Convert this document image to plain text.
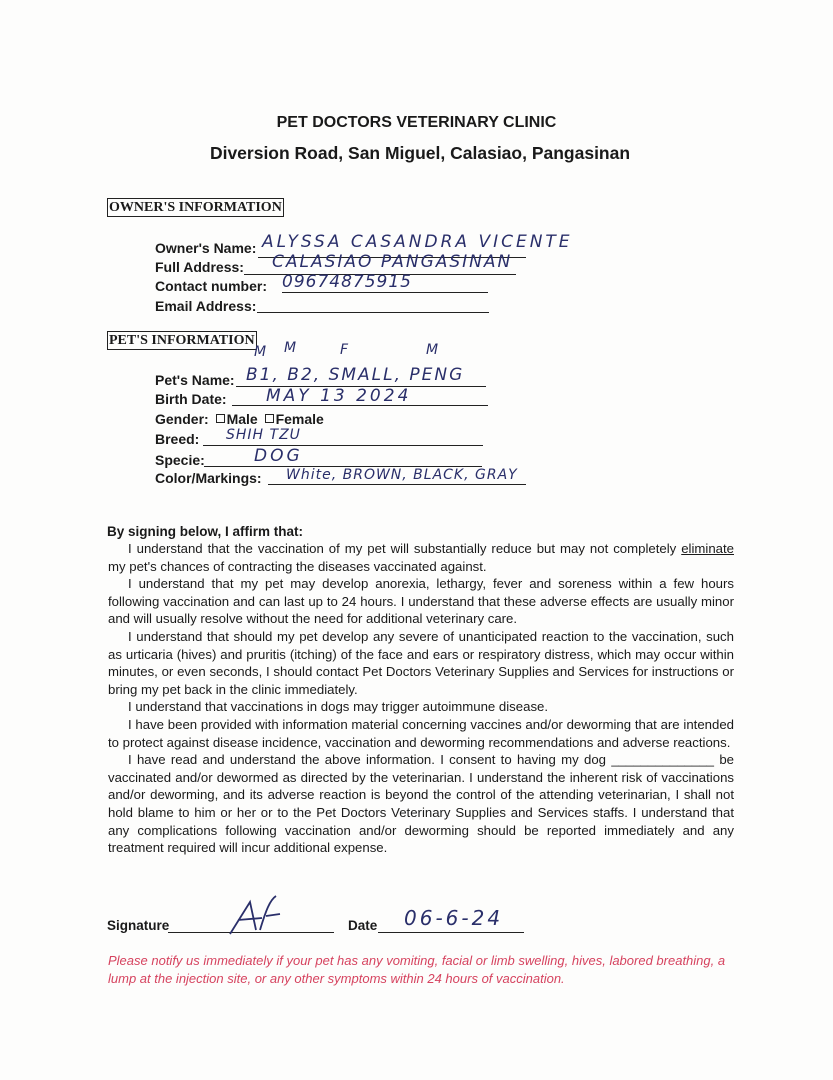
PET DOCTORS VETERINARY CLINIC
Diversion Road, San Miguel, Calasiao, Pangasinan
OWNER'S INFORMATION
Owner's Name: ALYSSA CASANDRA VICENTE
Full Address: CALASIAO PANGASINAN
Contact number: 09674875915
Email Address:
PET'S INFORMATION
M M	F	M
Pet's Name: B1, B2, SMALL, PENG
Birth Date: MAY 13 2024
Gender: Male Female
Breed: SHIH TZU
Specie:	DOG
Color/Markings: White, BROWN, BLACK, GRAY
By signing below, I affirm that:

I understand that the vaccination of my pet will substantially reduce but may not completely eliminate my pet's chances of contracting the diseases vaccinated against.

I understand that my pet may develop anorexia, lethargy, fever and soreness within a few hours following vaccination and can last up to 24 hours. I understand that these adverse effects are usually minor and will usually resolve without the need for additional veterinary care.

I understand that should my pet develop any severe of unanticipated reaction to the vaccination, such as urticaria (hives) and pruritis (itching) of the face and ears or respiratory distress, which may occur within minutes, or even seconds, I should contact Pet Doctors Veterinary Supplies and Services for instructions or bring my pet back in the clinic immediately.

I understand that vaccinations in dogs may trigger autoimmune disease.

I have been provided with information material concerning vaccines and/or deworming that are intended to protect against disease incidence, vaccination and deworming recommendations and adverse reactions.

I have read and understand the above information. I consent to having my dog ______________ be vaccinated and/or dewormed as directed by the veterinarian. I understand the inherent risk of vaccinations and/or deworming, and its adverse reaction is beyond the control of the attending veterinarian, I shall not hold blame to him or her or to the Pet Doctors Veterinary Supplies and Services staffs. I understand that any complications following vaccination and/or deworming should be reported immediately and any treatment required will incur additional expense.

Signature	Date 06-6-24
Please notify us immediately if your pet has any vomiting, facial or limb swelling, hives, labored breathing, a lump at the injection site, or any other symptoms within 24 hours of vaccination.
